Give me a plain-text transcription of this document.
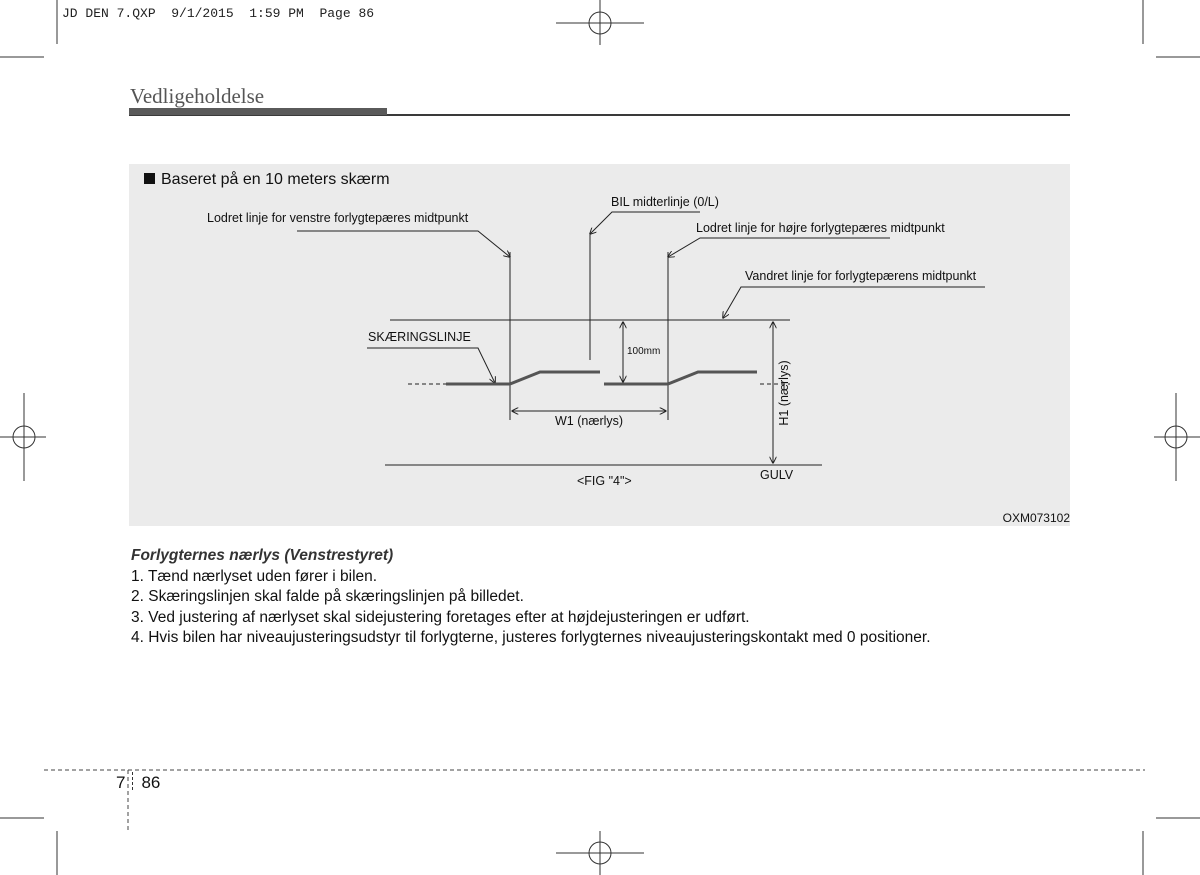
JD DEN 7.QXP  9/1/2015  1:59 PM  Page 86
Vedligeholdelse
Baseret på en 10 meters skærm
Lodret linje for venstre forlygtepæres midtpunkt
BIL midterlinje (0/L)
Lodret linje for højre forlygtepæres midtpunkt
Vandret linje for forlygtepærens midtpunkt
SKÆRINGSLINJE
100mm
W1 (nærlys)	H1 (nærlys)
GULV
<FIG "4">
OXM073102
Forlygternes nærlys (Venstrestyret)
1. Tænd nærlyset uden fører i bilen.
2. Skæringslinjen skal falde på skæringslinjen på billedet.
3. Ved justering af nærlyset skal sidejustering foretages efter at højdejusteringen er udført.
4. Hvis bilen har niveaujusteringsudstyr til forlygterne, justeres forlygternes niveaujusteringskontakt med 0 positioner.
7 86
